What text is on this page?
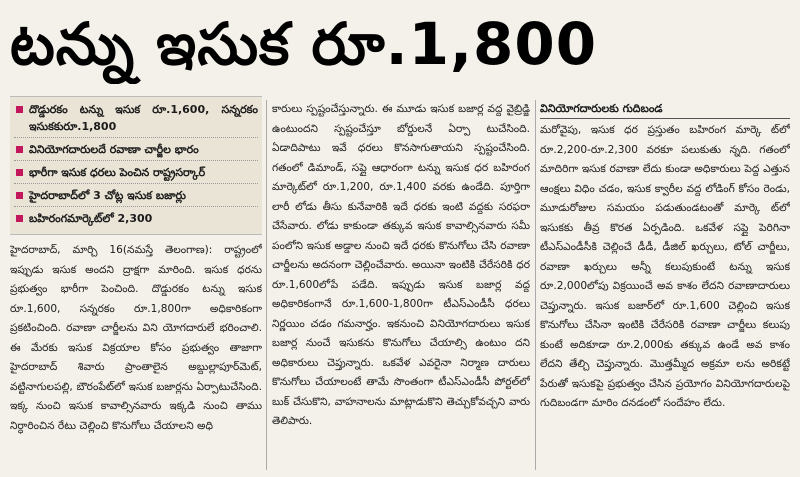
టన్ను ఇసుక రూ.1,800
దొడ్డురకం టన్ను ఇసుక రూ.1,600, సన్నరకం ఇసుకకురూ.1,800
వినియోగదారులదే రవాణా చార్జీల భారం
భారీగా ఇసుక ధరలు పెంచిన రాష్ట్రసర్కార్
హైదరాబాద్‌లో 3 చోట్ల ఇసుక బజార్లు
బహిరంగమార్కెట్‌లో 2,300

హైదరాబాద్, మార్చి 16(నమస్తే తెలంగాణ): రాష్ట్రంలో ఇప్పుడు ఇసుక అందని ద్రాక్షగా మారింది. ఇసుక ధరను ప్రభుత్వం భారీగా పెంచింది. దొడ్డురకం టన్ను ఇసుక రూ.1,600, సన్నరకం రూ.1,800గా అధికారికంగా ప్రకటించింది. రవాణా చార్జీలను విని యోగదారులే భరించాలి. ఈ మేరకు ఇసుక విక్రయాల కోసం ప్రభుత్వం తాజాగా హైదరాబాద్ శివారు ప్రాంతాలైన అబ్దుల్లాపూర్‌మెట్, వట్టినాగులపల్లి, బౌరంపేట్‌లో ఇసుక బజార్లను ఏర్పాటుచేసింది. ఇక్క నుంచి ఇసుక కావాల్సినవారు ఇక్కడి నుంచి తాము నిర్ధారించిన రేటు చెల్లించి కొనుగోలు చేయాలని అధి

కారులు స్పష్టంచేస్తున్నారు. ఈ మూడు ఇసుక బజార్ల వద్ద వైబ్రిడ్జి ఉంటుందని స్పష్టంచేస్తూ బోర్డులనే ఏర్పా టుచేసింది. ఏడాదిపాటు ఇవే ధరలు కొనసాగుతాయని స్పష్టంచేసింది. గతంలో డిమాండ్, సప్లై ఆధారంగా టన్ను ఇసుక ధర బహిరంగ మార్కెట్‌లో రూ.1,200, రూ.1,400 వరకు ఉండేది. పూర్తిగా లారీ లోడు తీసు కునేవారికి ఇదే ధరకు ఇంటి వద్దకు సరఫరా చేసేవారు. లోడు కాకుండా తక్కువ ఇసుక కావాల్సినవారు సమీ పంలోని ఇసుక అడ్డాల నుంచి ఇదే ధరకు కొనుగోలు చేసి రవాణా చార్జీలను అదనంగా చెల్లించేవారు. అయినా ఇంటికి చేరేసరికి ధర రూ.1,600లోపే పడేది. ఇప్పుడు ఇసుక బజార్ల వద్ద అధికారికంగానే రూ.1,600-1,800గా టీఎస్‌ఎండీసీ ధరలు నిర్ణయిం చడం గమనార్హం. ఇకనుంచి వినియోగదారులు ఇసుక బజార్ల నుంచే ఇసుకను కొనుగోలు చేయాల్సి ఉంటుం దని అధికారులు చెప్తున్నారు. ఒకవేళ ఎవరైనా నిర్మాణ దారులు కొనుగోలు చేయాలంటే తామే సొంతంగా టీఎస్‌ఎండీసీ పోర్టల్‌లో బుక్ చేసుకొని, వాహనాలను మాట్లాడుకొని తెచ్చుకోవచ్చని వారు తెలిపారు.

వినియోగదారులకు గుదిబండ

మరోవైపు, ఇసుక ధర ప్రస్తుతం బహిరంగ మార్కె ట్‌లో రూ.2,200-రూ.2,300 వరకూ పలుకుతు న్నది. గతంలో మాదిరిగా ఇసుక రవాణా లేదు కుండా అధికారులు పెద్ద ఎత్తున ఆంక్షలు విధిం చడం, ఇసుక క్వారీల వద్ద లోడింగ్ కోసం రెండు, మూడురోజుల సమయం పడుతుండటంతో మార్కె ట్‌లో ఇసుకకు తీవ్ర కొరత ఏర్పడింది. ఒకవేళ సప్లై పెరిగినా టీఎస్‌ఎండీసీకి చెల్లించే డీడీ, డీజిల్ ఖర్చులు, టోల్ చార్జీలు, రవాణా ఖర్చులు అన్నీ కలుపుకుంటే టన్ను ఇసుక రూ.2,000లోపు విక్రయించే అవ కాశం లేదని రవాణాదారులు చెప్తున్నారు. ఇసుక బజార్‌లో రూ.1,600 చెల్లించి ఇసుక కొనుగోలు చేసినా ఇంటికి చేరేసరికి రవాణా చార్జీలు కలుపు కుంటే అదికూడా రూ.2,000కు తక్కువ ఉండే అవ కాశం లేదని తేల్చి చెప్తున్నారు. మొత్తమ్మీద అక్రమా లను అరికట్టే పేరుతో ఇసుకపై ప్రభుత్వం చేసిన ప్రయోగం వినియోగదారులపై గుదిబండగా మారిం దనడంలో సందేహం లేదు.
